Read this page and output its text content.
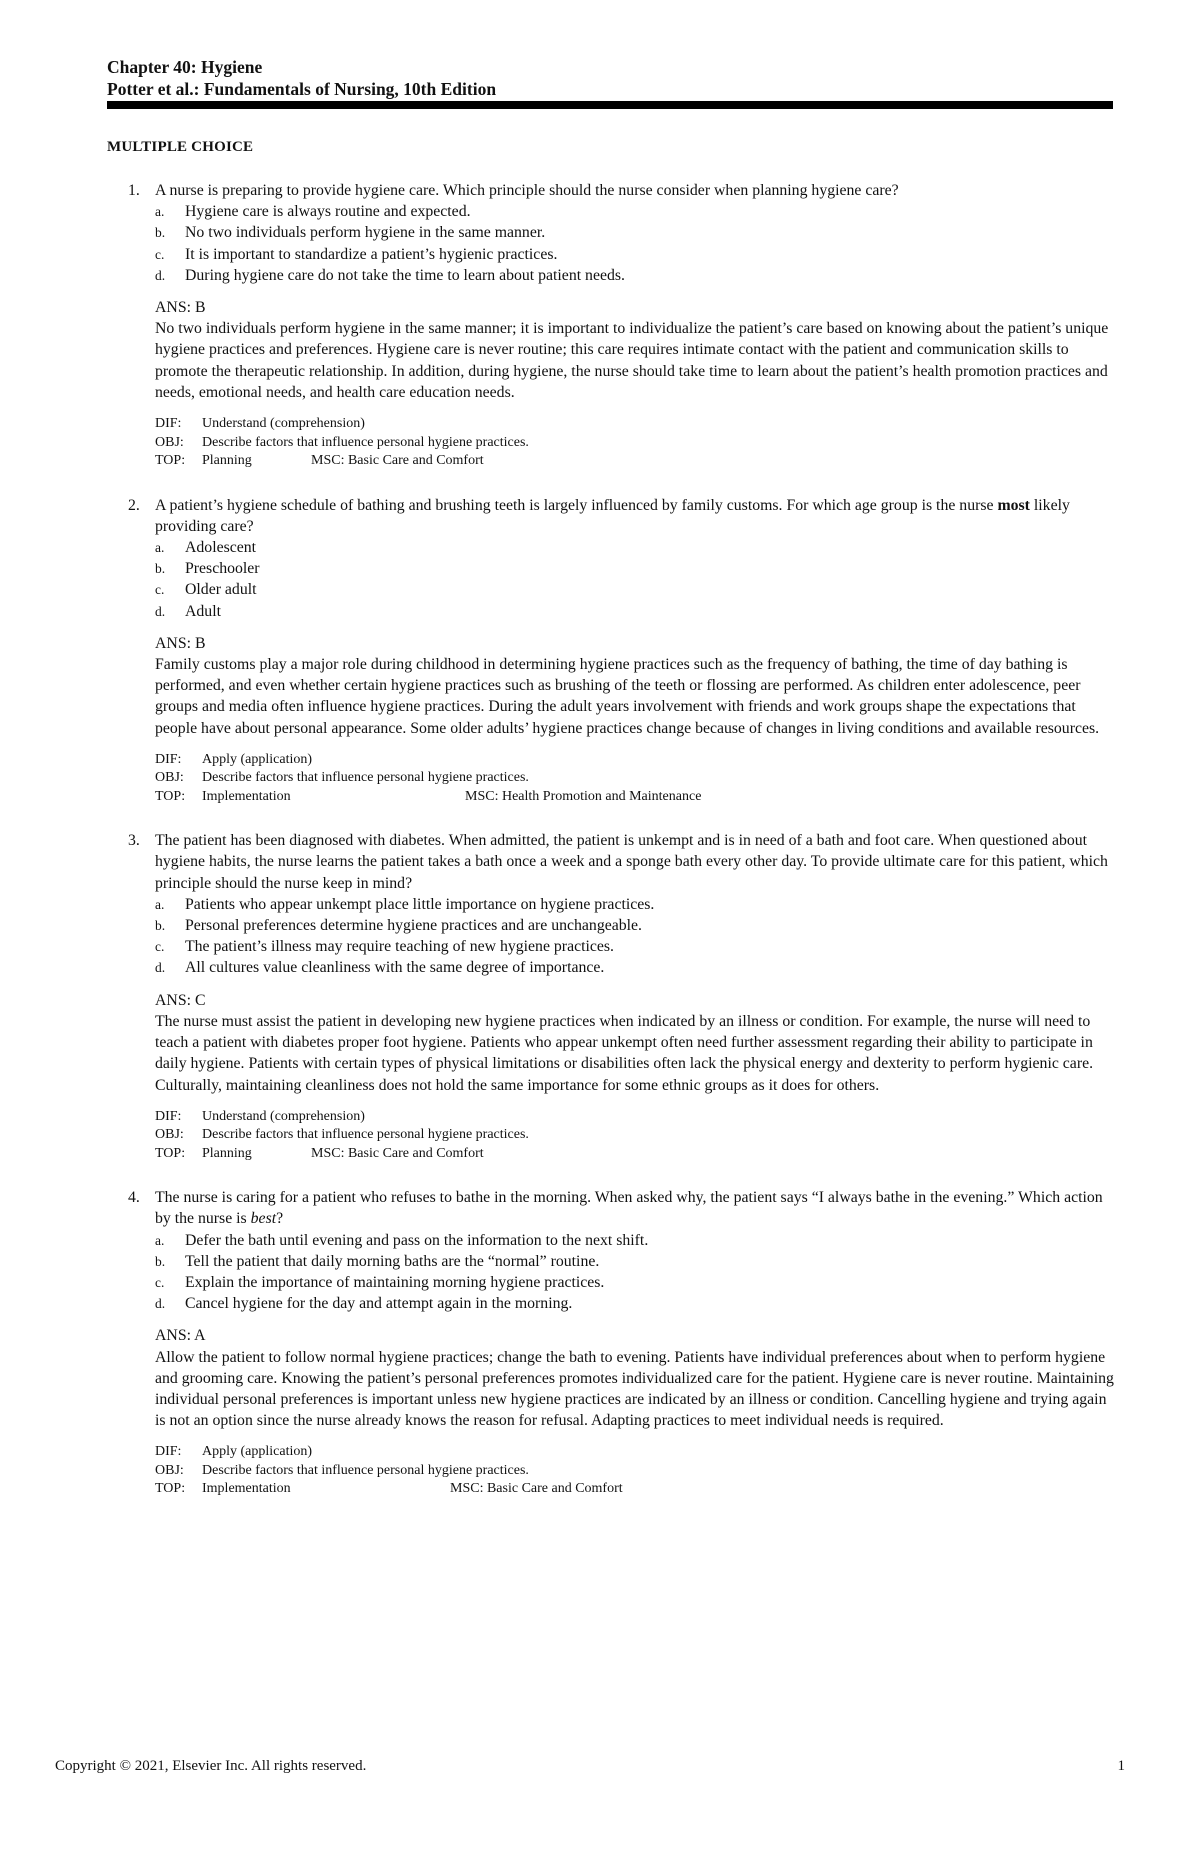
Chapter 40: Hygiene
Potter et al.: Fundamentals of Nursing, 10th Edition
MULTIPLE CHOICE
1. A nurse is preparing to provide hygiene care. Which principle should the nurse consider when planning hygiene care?

a. Hygiene care is always routine and expected.
b. No two individuals perform hygiene in the same manner.
c. It is important to standardize a patient’s hygienic practices.
d. During hygiene care do not take the time to learn about patient needs.
ANS: B

No two individuals perform hygiene in the same manner; it is important to individualize the patient’s care based on knowing about the patient’s unique hygiene practices and preferences. Hygiene care is never routine; this care requires intimate contact with the patient and communication skills to promote the therapeutic relationship. In addition, during hygiene, the nurse should take time to learn about the patient’s health promotion practices and needs, emotional needs, and health care education needs.

DIF: Understand (comprehension)
OBJ: Describe factors that influence personal hygiene practices.
TOP: Planning	MSC: Basic Care and Comfort
2. A patient’s hygiene schedule of bathing and brushing teeth is largely influenced by family customs. For which age group is the nurse most likely providing care?

a. Adolescent
b. Preschooler
c. Older adult
d. Adult
ANS: B

Family customs play a major role during childhood in determining hygiene practices such as the frequency of bathing, the time of day bathing is performed, and even whether certain hygiene practices such as brushing of the teeth or flossing are performed. As children enter adolescence, peer groups and media often influence hygiene practices. During the adult years involvement with friends and work groups shape the expectations that people have about personal appearance. Some older adults’ hygiene practices change because of changes in living conditions and available resources.

DIF: Apply (application)
OBJ: Describe factors that influence personal hygiene practices.
TOP: Implementation	MSC: Health Promotion and Maintenance
3. The patient has been diagnosed with diabetes. When admitted, the patient is unkempt and is in need of a bath and foot care. When questioned about hygiene habits, the nurse learns the patient takes a bath once a week and a sponge bath every other day. To provide ultimate care for this patient, which principle should the nurse keep in mind?

a. Patients who appear unkempt place little importance on hygiene practices.
b. Personal preferences determine hygiene practices and are unchangeable.
c. The patient’s illness may require teaching of new hygiene practices.
d. All cultures value cleanliness with the same degree of importance.
ANS: C

The nurse must assist the patient in developing new hygiene practices when indicated by an illness or condition. For example, the nurse will need to teach a patient with diabetes proper foot hygiene. Patients who appear unkempt often need further assessment regarding their ability to participate in daily hygiene. Patients with certain types of physical limitations or disabilities often lack the physical energy and dexterity to perform hygienic care. Culturally, maintaining cleanliness does not hold the same importance for some ethnic groups as it does for others.

DIF: Understand (comprehension)
OBJ: Describe factors that influence personal hygiene practices.
TOP: Planning	MSC: Basic Care and Comfort
4. The nurse is caring for a patient who refuses to bathe in the morning. When asked why, the patient says “I always bathe in the evening.” Which action by the nurse is best?

a. Defer the bath until evening and pass on the information to the next shift.
b. Tell the patient that daily morning baths are the “normal” routine.
c. Explain the importance of maintaining morning hygiene practices.
d. Cancel hygiene for the day and attempt again in the morning.
ANS: A

Allow the patient to follow normal hygiene practices; change the bath to evening. Patients have individual preferences about when to perform hygiene and grooming care. Knowing the patient’s personal preferences promotes individualized care for the patient. Hygiene care is never routine. Maintaining individual personal preferences is important unless new hygiene practices are indicated by an illness or condition. Cancelling hygiene and trying again is not an option since the nurse already knows the reason for refusal. Adapting practices to meet individual needs is required.

DIF: Apply (application)
OBJ: Describe factors that influence personal hygiene practices.
TOP: Implementation	MSC: Basic Care and Comfort
Copyright © 2021, Elsevier Inc. All rights reserved.	1
